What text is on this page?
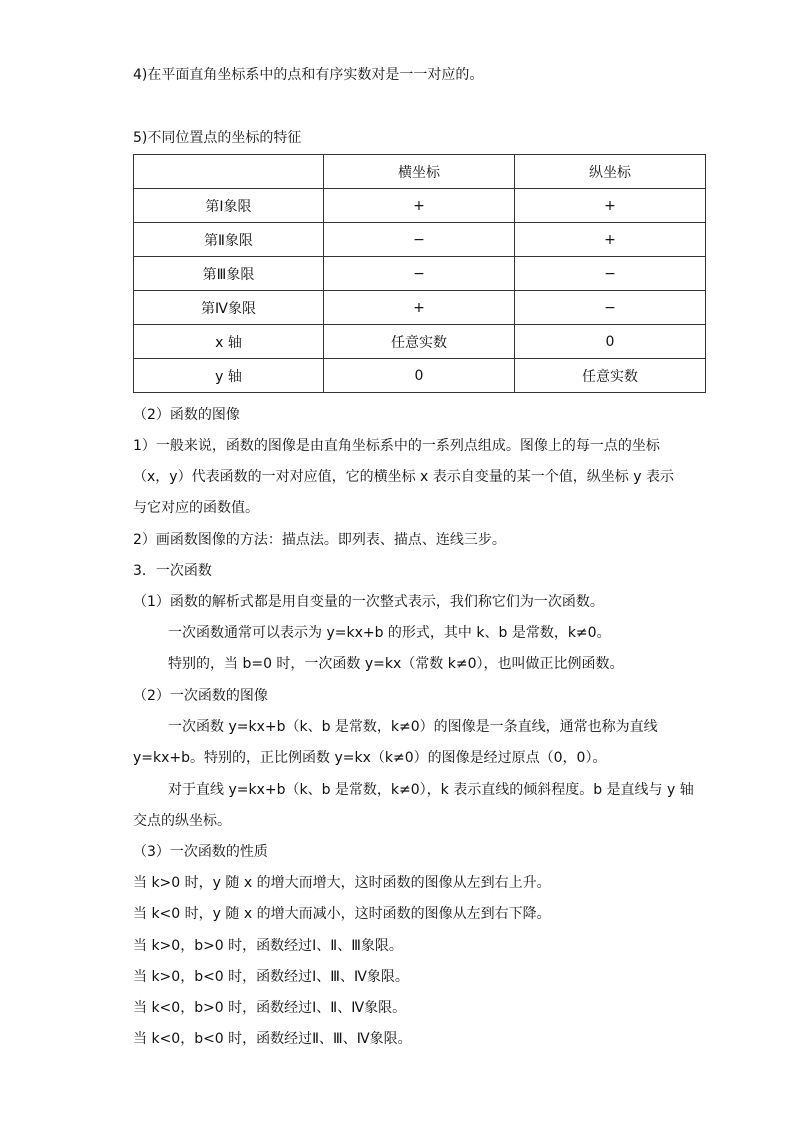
4)在平面直角坐标系中的点和有序实数对是一一对应的。
5)不同位置点的坐标的特征
	横坐标	纵坐标
第Ⅰ象限	+	+
第Ⅱ象限	−	+
第Ⅲ象限	−	−
第Ⅳ象限	+	−
x 轴	任意实数	0
y 轴	0	任意实数
（2）函数的图像
1）一般来说，函数的图像是由直角坐标系中的一系列点组成。图像上的每一点的坐标
（x，y）代表函数的一对对应值，它的横坐标 x 表示自变量的某一个值，纵坐标 y 表示
与它对应的函数值。
2）画函数图像的方法：描点法。即列表、描点、连线三步。
3．一次函数
（1）函数的解析式都是用自变量的一次整式表示，我们称它们为一次函数。
一次函数通常可以表示为 y=kx+b 的形式，其中 k、b 是常数，k≠0。
特别的，当 b=0 时，一次函数 y=kx（常数 k≠0），也叫做正比例函数。
（2）一次函数的图像
一次函数 y=kx+b（k、b 是常数，k≠0）的图像是一条直线，通常也称为直线
y=kx+b。特别的，正比例函数 y=kx（k≠0）的图像是经过原点（0，0）。
对于直线 y=kx+b（k、b 是常数，k≠0），k 表示直线的倾斜程度。b 是直线与 y 轴
交点的纵坐标。
（3）一次函数的性质
当 k>0 时，y 随 x 的增大而增大，这时函数的图像从左到右上升。
当 k<0 时，y 随 x 的增大而减小，这时函数的图像从左到右下降。
当 k>0，b>0 时，函数经过Ⅰ、Ⅱ、Ⅲ象限。
当 k>0，b<0 时，函数经过Ⅰ、Ⅲ、Ⅳ象限。
当 k<0，b>0 时，函数经过Ⅰ、Ⅱ、Ⅳ象限。
当 k<0，b<0 时，函数经过Ⅱ、Ⅲ、Ⅳ象限。
